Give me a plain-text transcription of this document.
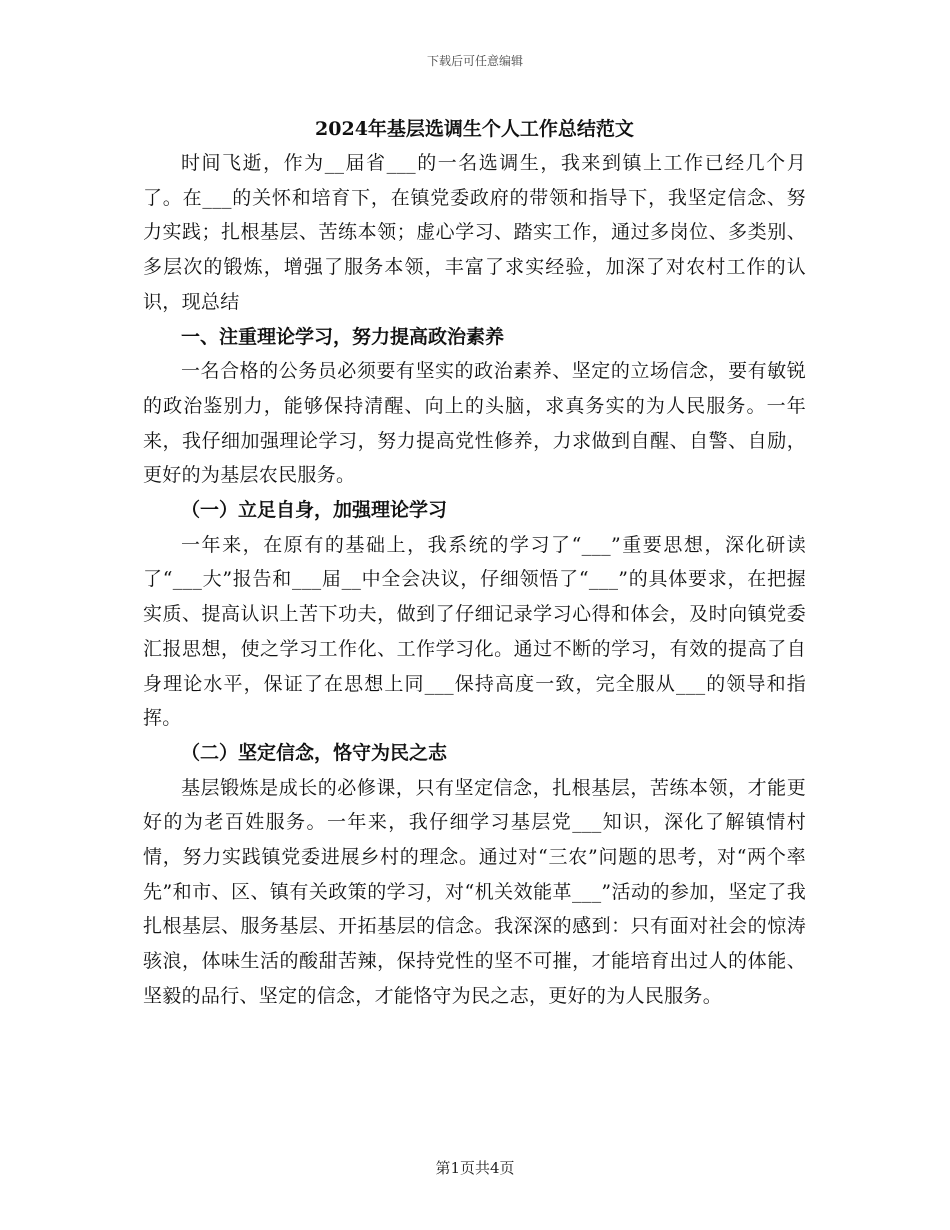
下载后可任意编辑
2024年基层选调生个人工作总结范文

时间飞逝，作为__届省___的一名选调生，我来到镇上工作已经几个月了。在___的关怀和培育下，在镇党委政府的带领和指导下，我坚定信念、努力实践；扎根基层、苦练本领；虚心学习、踏实工作，通过多岗位、多类别、多层次的锻炼，增强了服务本领，丰富了求实经验，加深了对农村工作的认识，现总结

一、注重理论学习，努力提高政治素养

一名合格的公务员必须要有坚实的政治素养、坚定的立场信念，要有敏锐的政治鉴别力，能够保持清醒、向上的头脑，求真务实的为人民服务。一年来，我仔细加强理论学习，努力提高党性修养，力求做到自醒、自警、自励，更好的为基层农民服务。

（一）立足自身，加强理论学习

一年来，在原有的基础上，我系统的学习了“___”重要思想，深化研读了“___大”报告和___届__中全会决议，仔细领悟了“___”的具体要求，在把握实质、提高认识上苦下功夫，做到了仔细记录学习心得和体会，及时向镇党委汇报思想，使之学习工作化、工作学习化。通过不断的学习，有效的提高了自身理论水平，保证了在思想上同___保持高度一致，完全服从___的领导和指挥。

（二）坚定信念，恪守为民之志

基层锻炼是成长的必修课，只有坚定信念，扎根基层，苦练本领，才能更好的为老百姓服务。一年来，我仔细学习基层党___知识，深化了解镇情村情，努力实践镇党委进展乡村的理念。通过对“三农”问题的思考，对“两个率先”和市、区、镇有关政策的学习，对“机关效能革___”活动的参加，坚定了我扎根基层、服务基层、开拓基层的信念。我深深的感到：只有面对社会的惊涛骇浪，体味生活的酸甜苦辣，保持党性的坚不可摧，才能培育出过人的体能、坚毅的品行、坚定的信念，才能恪守为民之志，更好的为人民服务。

第1页共4页
